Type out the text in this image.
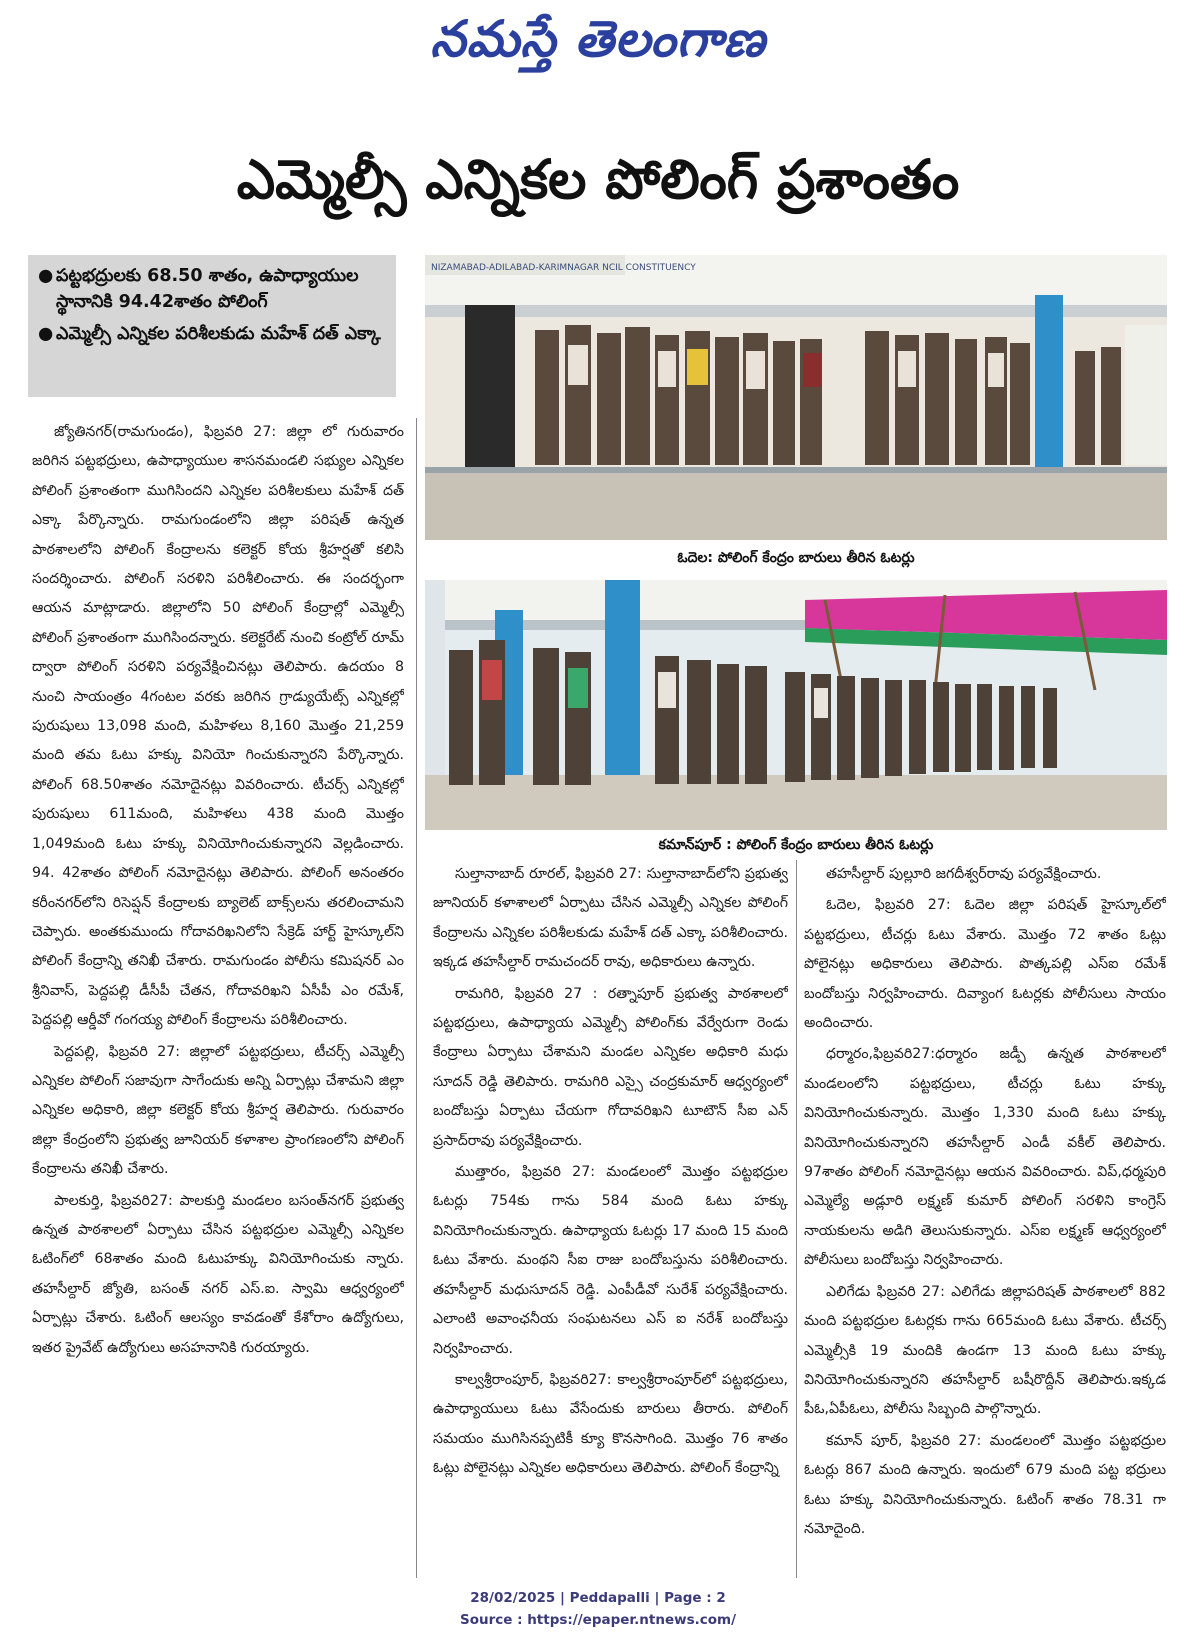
నమస్తే తెలంగాణ
ఎమ్మెల్సీ ఎన్నికల పోలింగ్ ప్రశాంతం
● పట్టభద్రులకు 68.50 శాతం, ఉపాధ్యాయుల స్థానానికి 94.42శాతం పోలింగ్
● ఎమ్మెల్సీ ఎన్నికల పరిశీలకుడు మహేశ్ దత్ ఎక్కా
NIZAMABAD-ADILABAD-KARIMNAGAR NCIL CONSTITUENCY
ఓదెల: పోలింగ్ కేంద్రం బారులు తీరిన ఓటర్లు
కమాన్‌పూర్ : పోలింగ్ కేంద్రం బారులు తీరిన ఓటర్లు

జ్యోతినగర్(రామగుండం), ఫిబ్రవరి 27: జిల్లా లో గురువారం జరిగిన పట్టభద్రులు, ఉపాధ్యాయుల శాసనమండలి సభ్యుల ఎన్నికల పోలింగ్ ప్రశాంతంగా ముగిసిందని ఎన్నికల పరిశీలకులు మహేశ్ దత్ ఎక్కా పేర్కొన్నారు. రామగుండంలోని జిల్లా పరిషత్ ఉన్నత పాఠశాలలోని పోలింగ్ కేంద్రాలను కలెక్టర్ కోయ శ్రీహర్షతో కలిసి సందర్శించారు. పోలింగ్ సరళిని పరిశీలించారు. ఈ సందర్భంగా ఆయన మాట్లాడారు. జిల్లాలోని 50 పోలింగ్ కేంద్రాల్లో ఎమ్మెల్సీ పోలింగ్ ప్రశాంతంగా ముగిసిందన్నారు. కలెక్టరేట్ నుంచి కంట్రోల్ రూమ్ ద్వారా పోలింగ్ సరళిని పర్యవేక్షించినట్లు తెలిపారు. ఉదయం 8 నుంచి సాయంత్రం 4గంటల వరకు జరిగిన గ్రాడ్యుయేట్స్ ఎన్నికల్లో పురుషులు 13,098 మంది, మహిళలు 8,160 మొత్తం 21,259 మంది తమ ఓటు హక్కు వినియో గించుకున్నారని పేర్కొన్నారు. పోలింగ్ 68.50శాతం నమోదైనట్లు వివరించారు. టీచర్స్ ఎన్నికల్లో పురుషులు 611మంది, మహిళలు 438 మంది మొత్తం 1,049మంది ఓటు హక్కు వినియోగించుకున్నారని వెల్లడించారు. 94. 42శాతం పోలింగ్ నమోదైనట్లు తెలిపారు. పోలింగ్ అనంతరం కరీంనగర్‌లోని రిసెప్షన్ కేంద్రాలకు బ్యాలెట్ బాక్స్‌లను తరలించామని చెప్పారు. అంతకుముందు గోదావరిఖనిలోని సేక్రెడ్ హార్ట్ హైస్కూల్‌ని పోలింగ్ కేంద్రాన్ని తనిఖీ చేశారు. రామగుండం పోలీసు కమిషనర్ ఎం శ్రీనివాస్, పెద్దపల్లి డీసీపీ చేతన, గోదావరిఖని ఏసీపీ ఎం రమేశ్, పెద్దపల్లి ఆర్డీవో గంగయ్య పోలింగ్ కేంద్రాలను పరిశీలించారు.

పెద్దపల్లి, ఫిబ్రవరి 27: జిల్లాలో పట్టభద్రులు, టీచర్స్ ఎమ్మెల్సీ ఎన్నికల పోలింగ్ సజావుగా సాగేందుకు అన్ని ఏర్పాట్లు చేశామని జిల్లా ఎన్నికల అధికారి, జిల్లా కలెక్టర్ కోయ శ్రీహర్ష తెలిపారు. గురువారం జిల్లా కేంద్రంలోని ప్రభుత్వ జూనియర్ కళాశాల ప్రాంగణంలోని పోలింగ్ కేంద్రాలను తనిఖీ చేశారు.

పాలకుర్తి, ఫిబ్రవరి27: పాలకుర్తి మండలం బసంత్‌నగర్ ప్రభుత్వ ఉన్నత పాఠశాలలో ఏర్పాటు చేసిన పట్టభద్రుల ఎమ్మెల్సీ ఎన్నికల ఓటింగ్‌లో 68శాతం మంది ఓటుహక్కు వినియోగించుకు న్నారు. తహసీల్దార్ జ్యోతి, బసంత్ నగర్ ఎస్.ఐ. స్వామి ఆధ్వర్యంలో ఏర్పాట్లు చేశారు. ఓటింగ్ ఆలస్యం కావడంతో కేశోరాం ఉద్యోగులు, ఇతర ప్రైవేట్ ఉద్యోగులు అసహనానికి గురయ్యారు.

సుల్తానాబాద్ రూరల్, ఫిబ్రవరి 27: సుల్తానాబాద్‌లోని ప్రభుత్వ జూనియర్ కళాశాలలో ఏర్పాటు చేసిన ఎమ్మెల్సీ ఎన్నికల పోలింగ్ కేంద్రాలను ఎన్నికల పరిశీలకుడు మహేశ్ దత్ ఎక్కా పరిశీలించారు. ఇక్కడ తహసీల్దార్ రామచందర్ రావు, అధికారులు ఉన్నారు.

రామగిరి, ఫిబ్రవరి 27 : రత్నాపూర్ ప్రభుత్వ పాఠశాలలో పట్టభద్రులు, ఉపాధ్యాయ ఎమ్మెల్సీ పోలింగ్‌కు వేర్వేరుగా రెండు కేంద్రాలు ఏర్పాటు చేశామని మండల ఎన్నికల అధికారి మధు సూదన్ రెడ్డి తెలిపారు. రామగిరి ఎస్సై చంద్రకుమార్ ఆధ్వర్యంలో బందోబస్తు ఏర్పాటు చేయగా గోదావరిఖని టూటౌన్ సీఐ ఎన్ ప్రసాద్‌రావు పర్యవేక్షించారు.

ముత్తారం, ఫిబ్రవరి 27: మండలంలో మొత్తం పట్టభద్రుల ఓటర్లు 754కు గాను 584 మంది ఓటు హక్కు వినియోగించుకున్నారు. ఉపాధ్యాయ ఓటర్లు 17 మంది 15 మంది ఓటు వేశారు. మంథని సీఐ రాజు బందోబస్తును పరిశీలించారు. తహసీల్దార్ మధుసూదన్ రెడ్డి. ఎంపీడీవో సురేశ్ పర్యవేక్షించారు. ఎలాంటి అవాంఛనీయ సంఘటనలు ఎస్ ఐ నరేశ్ బందోబస్తు నిర్వహించారు.

కాల్వశ్రీరాంపూర్, ఫిబ్రవరి27: కాల్వశ్రీరాంపూర్‌లో పట్టభద్రులు, ఉపాధ్యాయులు ఓటు వేసేందుకు బారులు తీరారు. పోలింగ్ సమయం ముగిసినప్పటికీ క్యూ కొనసాగింది. మొత్తం 76 శాతం ఓట్లు పోలైనట్లు ఎన్నికల అధికారులు తెలిపారు. పోలింగ్ కేంద్రాన్ని

తహసీల్దార్ పుల్లూరి జగదీశ్వర్‌రావు పర్యవేక్షించారు.

ఓదెల, ఫిబ్రవరి 27: ఓదెల జిల్లా పరిషత్ హైస్కూల్‌లో పట్టభద్రులు, టీచర్లు ఓటు వేశారు. మొత్తం 72 శాతం ఓట్లు పోలైనట్లు అధికారులు తెలిపారు. పొత్కపల్లి ఎస్ఐ రమేశ్ బందోబస్తు నిర్వహించారు. దివ్యాంగ ఓటర్లకు పోలీసులు సాయం అందించారు.

ధర్మారం,ఫిబ్రవరి27:ధర్మారం జడ్పీ ఉన్నత పాఠశాలలో మండలంలోని పట్టభద్రులు, టీచర్లు ఓటు హక్కు వినియోగించుకున్నారు. మొత్తం 1,330 మంది ఓటు హక్కు వినియోగించుకున్నారని తహసీల్దార్ ఎండీ వకీల్ తెలిపారు. 97శాతం పోలింగ్ నమోదైనట్లు ఆయన వివరించారు. విప్,ధర్మపురి ఎమ్మెల్యే అడ్లూరి లక్ష్మణ్ కుమార్ పోలింగ్ సరళిని కాంగ్రెస్ నాయకులను అడిగి తెలుసుకున్నారు. ఎస్ఐ లక్ష్మణ్ ఆధ్వర్యంలో పోలీసులు బందోబస్తు నిర్వహించారు.

ఎలిగేడు ఫిబ్రవరి 27: ఎలిగేడు జిల్లాపరిషత్ పాఠశాలలో 882 మంది పట్టభద్రుల ఓటర్లకు గాను 665మంది ఓటు వేశారు. టీచర్స్ ఎమ్మెల్సీకి 19 మందికి ఉండగా 13 మంది ఓటు హక్కు వినియోగించుకున్నారని తహసీల్దార్ బషీరొద్దీన్ తెలిపారు.ఇక్కడ పీఓ,ఏపీఓలు, పోలీసు సిబ్బంది పాల్గొన్నారు.

కమాన్ పూర్, ఫిబ్రవరి 27: మండలంలో మొత్తం పట్టభద్రుల ఓటర్లు 867 మంది ఉన్నారు. ఇందులో 679 మంది పట్ట భద్రులు ఓటు హక్కు వినియోగించుకున్నారు. ఓటింగ్ శాతం 78.31 గా నమోదైంది.

28/02/2025 | Peddapalli | Page : 2
Source : https://epaper.ntnews.com/
